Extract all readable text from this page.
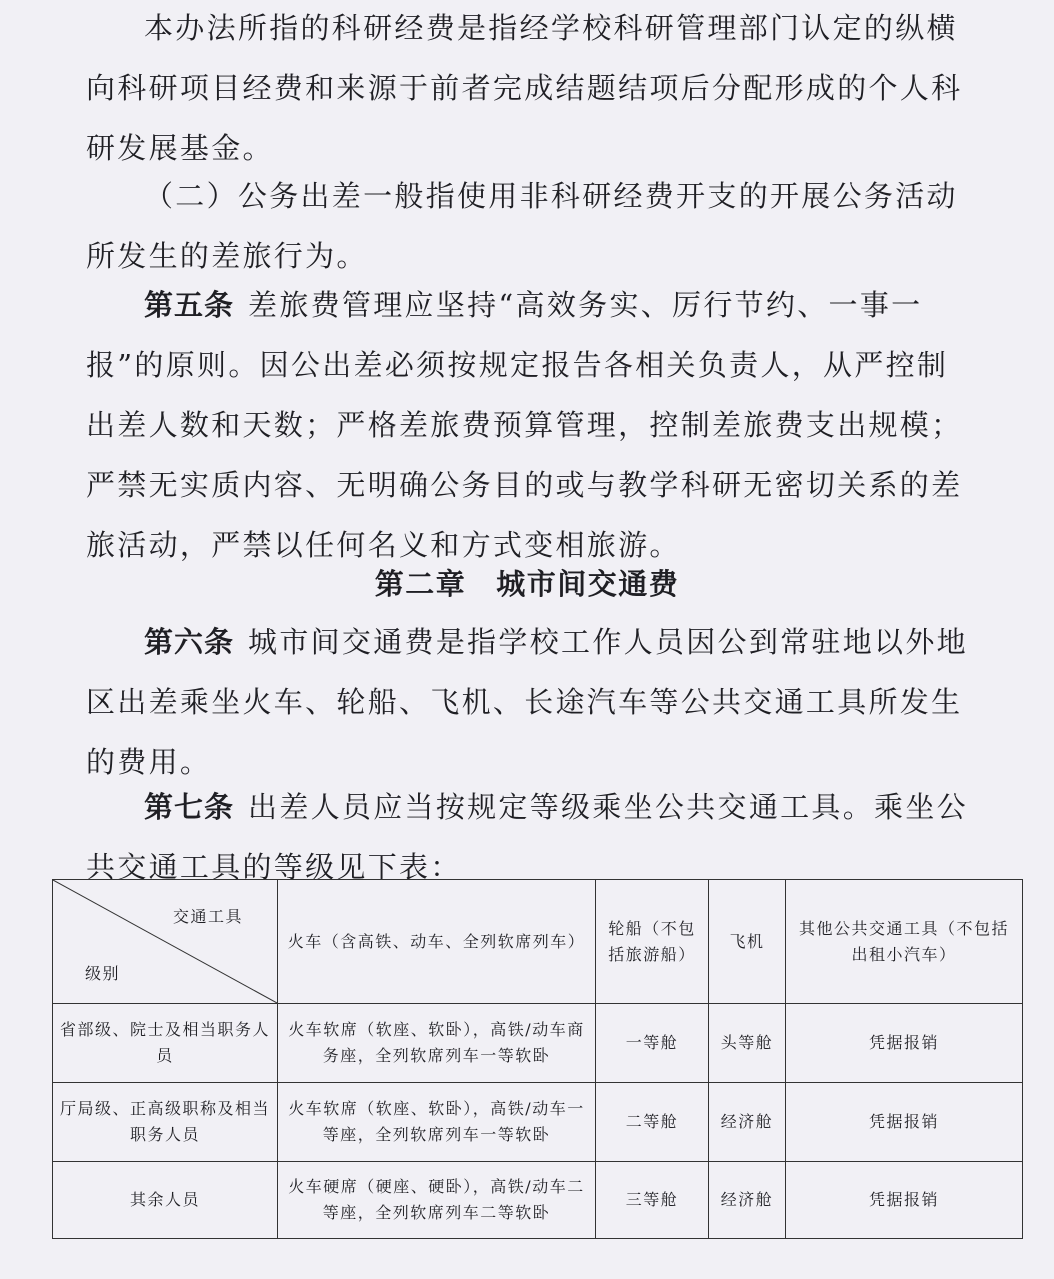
本办法所指的科研经费是指经学校科研管理部门认定的纵横向科研项目经费和来源于前者完成结题结项后分配形成的个人科研发展基金。

（二）公务出差一般指使用非科研经费开支的开展公务活动所发生的差旅行为。

第五条 差旅费管理应坚持“高效务实、厉行节约、一事一报”的原则。因公出差必须按规定报告各相关负责人，从严控制出差人数和天数；严格差旅费预算管理，控制差旅费支出规模；严禁无实质内容、无明确公务目的或与教学科研无密切关系的差旅活动，严禁以任何名义和方式变相旅游。

第二章 城市间交通费

第六条 城市间交通费是指学校工作人员因公到常驻地以外地区出差乘坐火车、轮船、飞机、长途汽车等公共交通工具所发生的费用。

第七条 出差人员应当按规定等级乘坐公共交通工具。乘坐公共交通工具的等级见下表：

交通工具
级别	火车（含高铁、动车、全列软席列车）	轮船（不包括旅游船）	飞机	其他公共交通工具（不包括出租小汽车）
省部级、院士及相当职务人员	火车软席（软座、软卧），高铁/动车商务座，全列软席列车一等软卧	一等舱	头等舱	凭据报销
厅局级、正高级职称及相当职务人员	火车软席（软座、软卧），高铁/动车一等座，全列软席列车一等软卧	二等舱	经济舱	凭据报销
其余人员	火车硬席（硬座、硬卧），高铁/动车二等座，全列软席列车二等软卧	三等舱	经济舱	凭据报销
